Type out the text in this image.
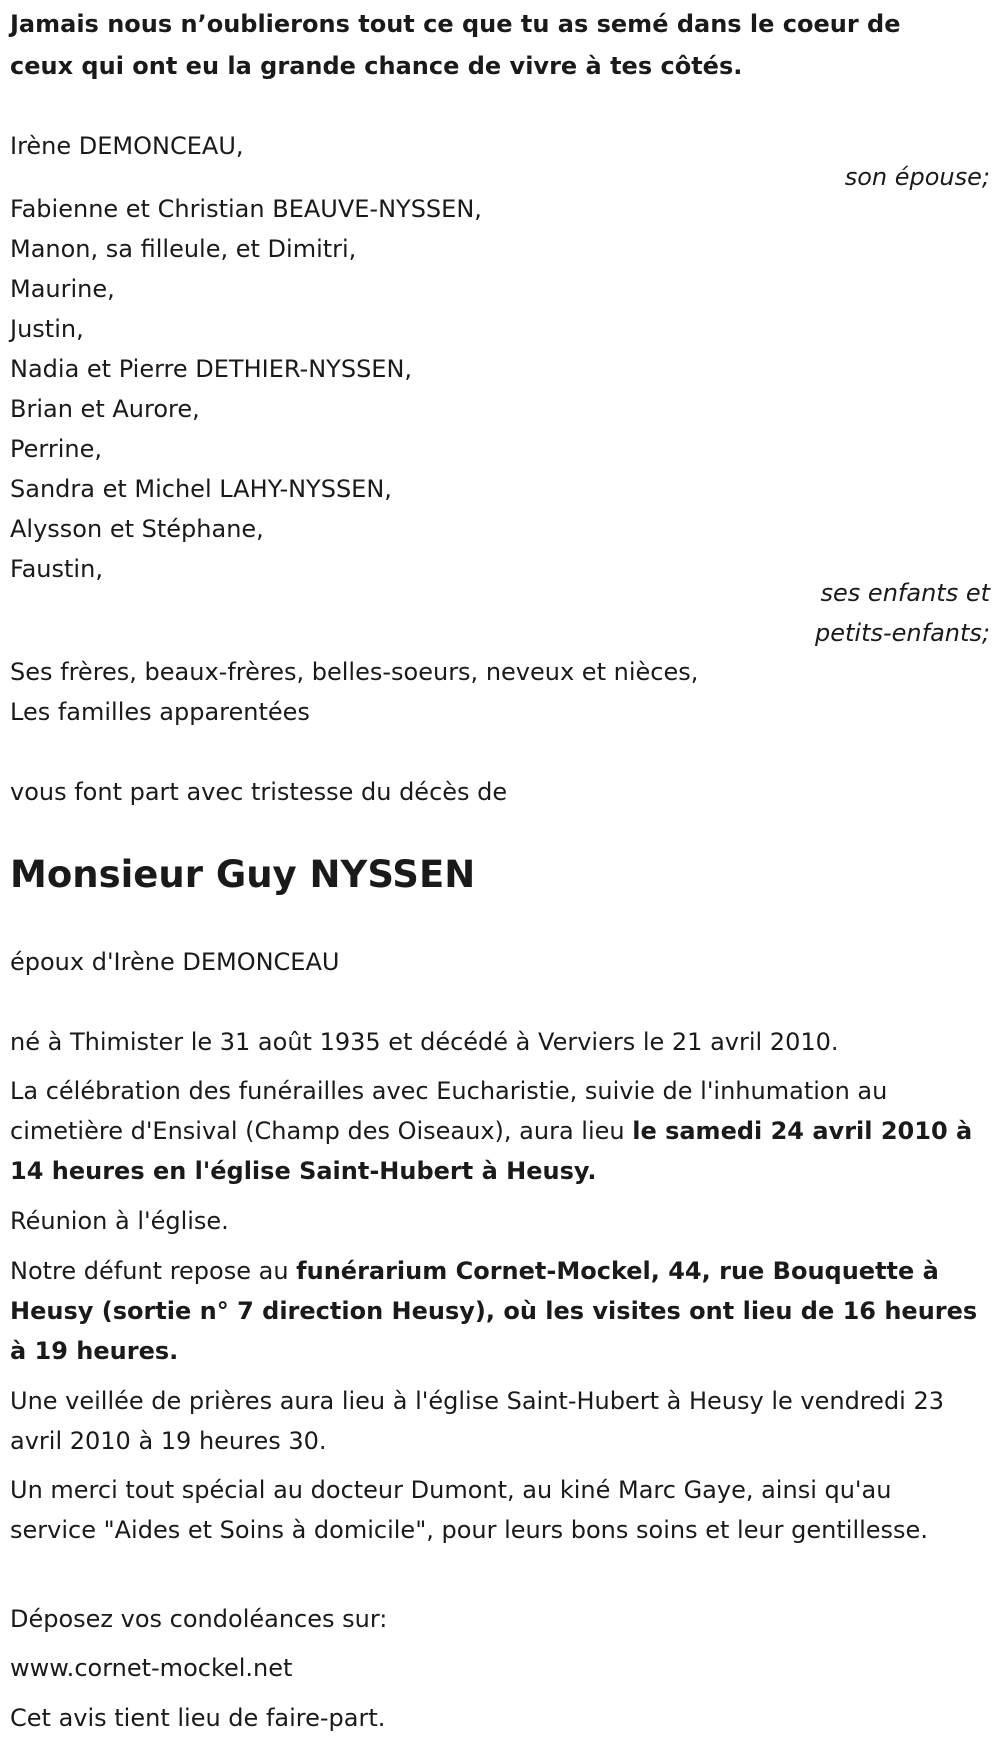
Jamais nous n’oublierons tout ce que tu as semé dans le coeur de ceux qui ont eu la grande chance de vivre à tes côtés.
Irène DEMONCEAU,
son épouse;
Fabienne et Christian BEAUVE-NYSSEN,
Manon, sa filleule, et Dimitri,
Maurine,
Justin,
Nadia et Pierre DETHIER-NYSSEN,
Brian et Aurore,
Perrine,
Sandra et Michel LAHY-NYSSEN,
Alysson et Stéphane,
Faustin,
ses enfants et
petits-enfants;
Ses frères, beaux-frères, belles-soeurs, neveux et nièces,
Les familles apparentées
vous font part avec tristesse du décès de
Monsieur Guy NYSSEN
époux d'Irène DEMONCEAU
né à Thimister le 31 août 1935 et décédé à Verviers le 21 avril 2010.
La célébration des funérailles avec Eucharistie, suivie de l'inhumation au cimetière d'Ensival (Champ des Oiseaux), aura lieu le samedi 24 avril 2010 à 14 heures en l'église Saint-Hubert à Heusy.
Réunion à l'église.
Notre défunt repose au funérarium Cornet-Mockel, 44, rue Bouquette à Heusy (sortie n° 7 direction Heusy), où les visites ont lieu de 16 heures à 19 heures.
Une veillée de prières aura lieu à l'église Saint-Hubert à Heusy le vendredi 23 avril 2010 à 19 heures 30.
Un merci tout spécial au docteur Dumont, au kiné Marc Gaye, ainsi qu'au service "Aides et Soins à domicile", pour leurs bons soins et leur gentillesse.
Déposez vos condoléances sur:
www.cornet-mockel.net
Cet avis tient lieu de faire-part.
